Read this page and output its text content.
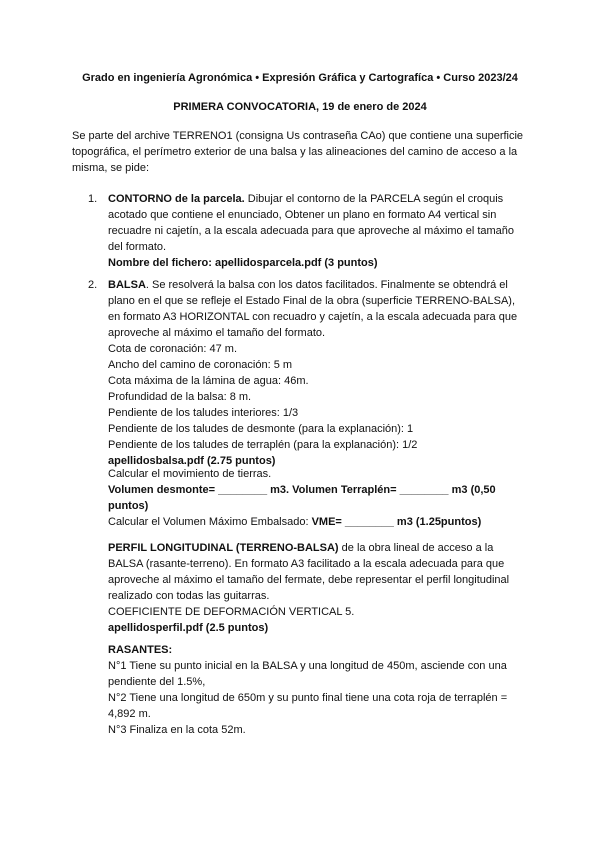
Grado en ingeniería Agronómica • Expresión Gráfica y Cartografíca • Curso 2023/24
PRIMERA CONVOCATORIA, 19 de enero de 2024

Se parte del archive TERRENO1 (consigna Us contraseña CAo) que contiene una superficie topográfica, el perímetro exterior de una balsa y las alineaciones del camino de acceso a la misma, se pide:

1. CONTORNO de la parcela. Dibujar el contorno de la PARCELA según el croquis acotado que contiene el enunciado, Obtener un plano en formato A4 vertical sin recuadre ni cajetín, a la escala adecuada para que aproveche al máximo el tamaño del formato.

Nombre del fichero: apellidosparcela.pdf (3 puntos)

2. BALSA. Se resolverá la balsa con los datos facilitados. Finalmente se obtendrá el plano en el que se refleje el Estado Final de la obra (superficie TERRENO-BALSA), en formato A3 HORIZONTAL con recuadro y cajetín, a la escala adecuada para que aproveche al máximo el tamaño del formato.

Cota de coronación: 47 m.

Ancho del camino de coronación: 5 m

Cota máxima de la lámina de agua: 46m.

Profundidad de la balsa: 8 m.

Pendiente de los taludes interiores: 1/3

Pendiente de los taludes de desmonte (para la explanación): 1

Pendiente de los taludes de terraplén (para la explanación): 1/2

apellidosbalsa.pdf (2.75 puntos)

Calcular el movimiento de tierras.

Volumen desmonte= ________ m3. Volumen Terraplén= ________ m3 (0,50 puntos)

Calcular el Volumen Máximo Embalsado: VME= ________ m3 (1.25puntos)

PERFIL LONGITUDINAL (TERRENO-BALSA) de la obra lineal de acceso a la BALSA (rasante-terreno). En formato A3 facilitado a la escala adecuada para que aproveche al máximo el tamaño del fermate, debe representar el perfil longitudinal realizado con todas las guitarras.

COEFICIENTE DE DEFORMACIÓN VERTICAL 5.

apellidosperfil.pdf (2.5 puntos)

RASANTES:

N°1 Tiene su punto inicial en la BALSA y una longitud de 450m, asciende con una pendiente del 1.5%,

N°2 Tiene una longitud de 650m y su punto final tiene una cota roja de terraplén = 4,892 m.

N°3 Finaliza en la cota 52m.
